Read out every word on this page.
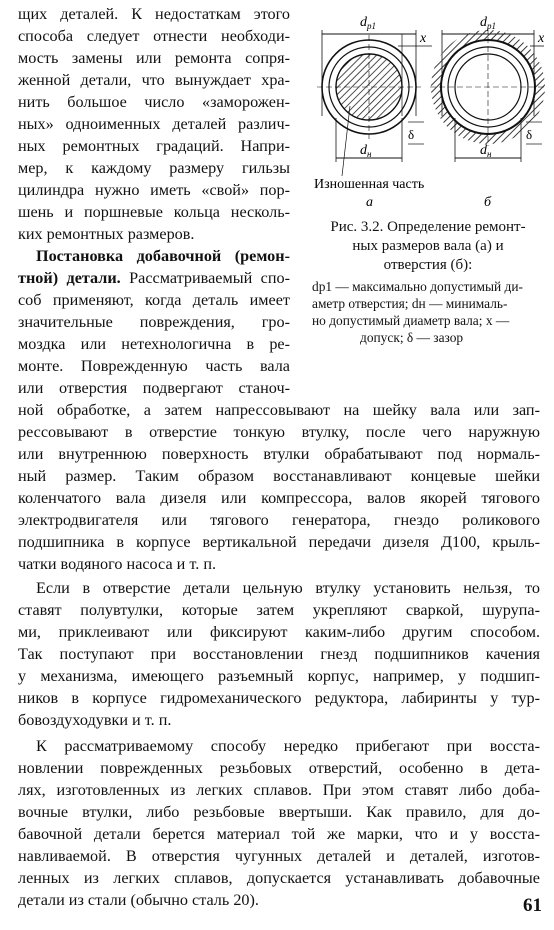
щих деталей. К недостаткам этого
способа следует отнести необходи-
мость замены или ремонта сопря-
женной детали, что вынуждает хра-
нить большое число «заморожен-
ных» одноименных деталей различ-
ных ремонтных градаций. Напри-
мер, к каждому размеру гильзы
цилиндра нужно иметь «свой» пор-
шень и поршневые кольца несколь-
ких ремонтных размеров.
Постановка добавочной (ремон-
тной) детали. Рассматриваемый спо-
соб применяют, когда деталь имеет
значительные повреждения, гро-
моздка или нетехнологична в ре-
монте. Поврежденную часть вала
или отверстия подвергают станоч-
$d_{p1}$	$d_{p1}$
x	x
δ	δ
$d_н$	$d_н$
Изношенная часть
а	б
Рис. 3.2. Определение ремонт-
ных размеров вала (а) и
отверстия (б):
dр1 — максимально допустимый ди-
аметр отверстия; dн — минималь-
но допустимый диаметр вала; x —
допуск; δ — зазор
ной обработке, а затем напрессовывают на шейку вала или зап-
рессовывают в отверстие тонкую втулку, после чего наружную
или внутреннюю поверхность втулки обрабатывают под нормаль-
ный размер. Таким образом восстанавливают концевые шейки
коленчатого вала дизеля или компрессора, валов якорей тягового
электродвигателя или тягового генератора, гнездо роликового
подшипника в корпусе вертикальной передачи дизеля Д100, крыль-
чатки водяного насоса и т. п.
Если в отверстие детали цельную втулку установить нельзя, то
ставят полувтулки, которые затем укрепляют сваркой, шурупа-
ми, приклеивают или фиксируют каким-либо другим способом.
Так поступают при восстановлении гнезд подшипников качения
у механизма, имеющего разъемный корпус, например, у подшип-
ников в корпусе гидромеханического редуктора, лабиринты у тур-
бовоздуходувки и т. п.
К рассматриваемому способу нередко прибегают при восста-
новлении поврежденных резьбовых отверстий, особенно в дета-
лях, изготовленных из легких сплавов. При этом ставят либо доба-
вочные втулки, либо резьбовые ввертыши. Как правило, для до-
бавочной детали берется материал той же марки, что и у восста-
навливаемой. В отверстия чугунных деталей и деталей, изготов-
ленных из легких сплавов, допускается устанавливать добавочные
детали из стали (обычно сталь 20).	61
